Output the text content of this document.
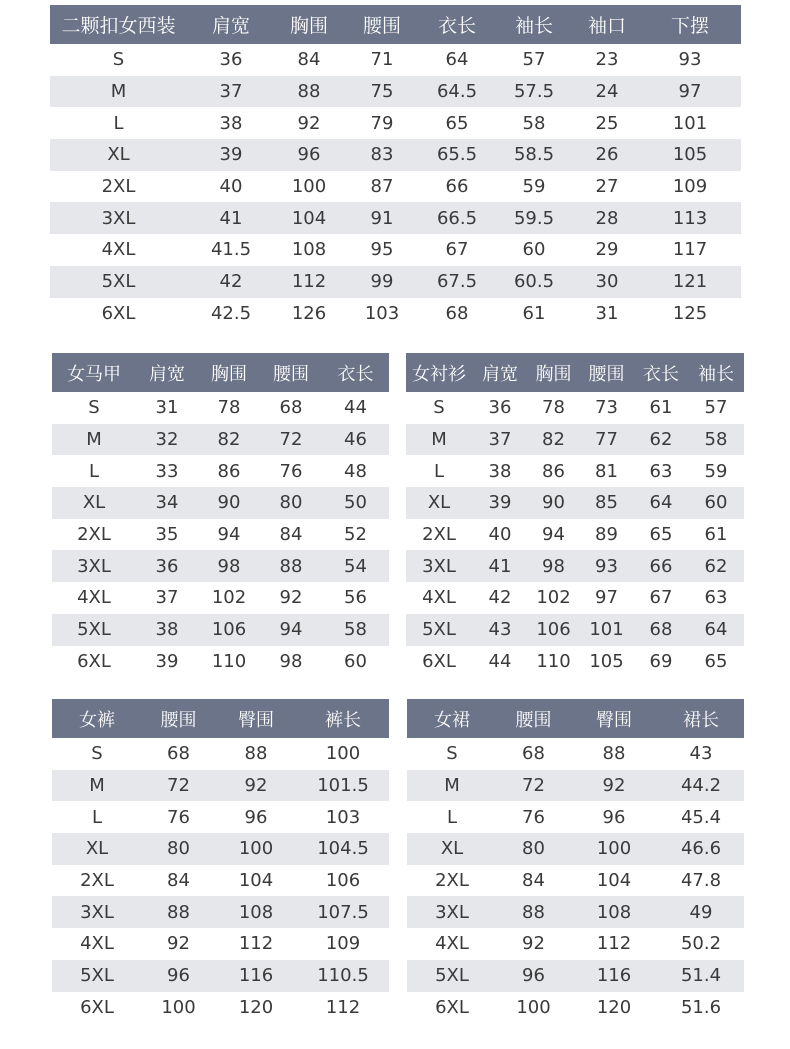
二颗扣女西装	肩宽	胸围	腰围	衣长	袖长	袖口	下摆
S	36	84	71	64	57	23	93
M	37	88	75	64.5	57.5	24	97
L	38	92	79	65	58	25	101
XL	39	96	83	65.5	58.5	26	105
2XL	40	100	87	66	59	27	109
3XL	41	104	91	66.5	59.5	28	113
4XL	41.5	108	95	67	60	29	117
5XL	42	112	99	67.5	60.5	30	121
6XL	42.5	126	103	68	61	31	125
女马甲	肩宽	胸围	腰围	衣长
S	31	78	68	44
M	32	82	72	46
L	33	86	76	48
XL	34	90	80	50
2XL	35	94	84	52
3XL	36	98	88	54
4XL	37	102	92	56
5XL	38	106	94	58
6XL	39	110	98	60
女衬衫	肩宽	胸围	腰围	衣长	袖长
S	36	78	73	61	57
M	37	82	77	62	58
L	38	86	81	63	59
XL	39	90	85	64	60
2XL	40	94	89	65	61
3XL	41	98	93	66	62
4XL	42	102	97	67	63
5XL	43	106	101	68	64
6XL	44	110	105	69	65
女裤	腰围	臀围	裤长
S	68	88	100
M	72	92	101.5
L	76	96	103
XL	80	100	104.5
2XL	84	104	106
3XL	88	108	107.5
4XL	92	112	109
5XL	96	116	110.5
6XL	100	120	112
女裙	腰围	臀围	裙长
S	68	88	43
M	72	92	44.2
L	76	96	45.4
XL	80	100	46.6
2XL	84	104	47.8
3XL	88	108	49
4XL	92	112	50.2
5XL	96	116	51.4
6XL	100	120	51.6
